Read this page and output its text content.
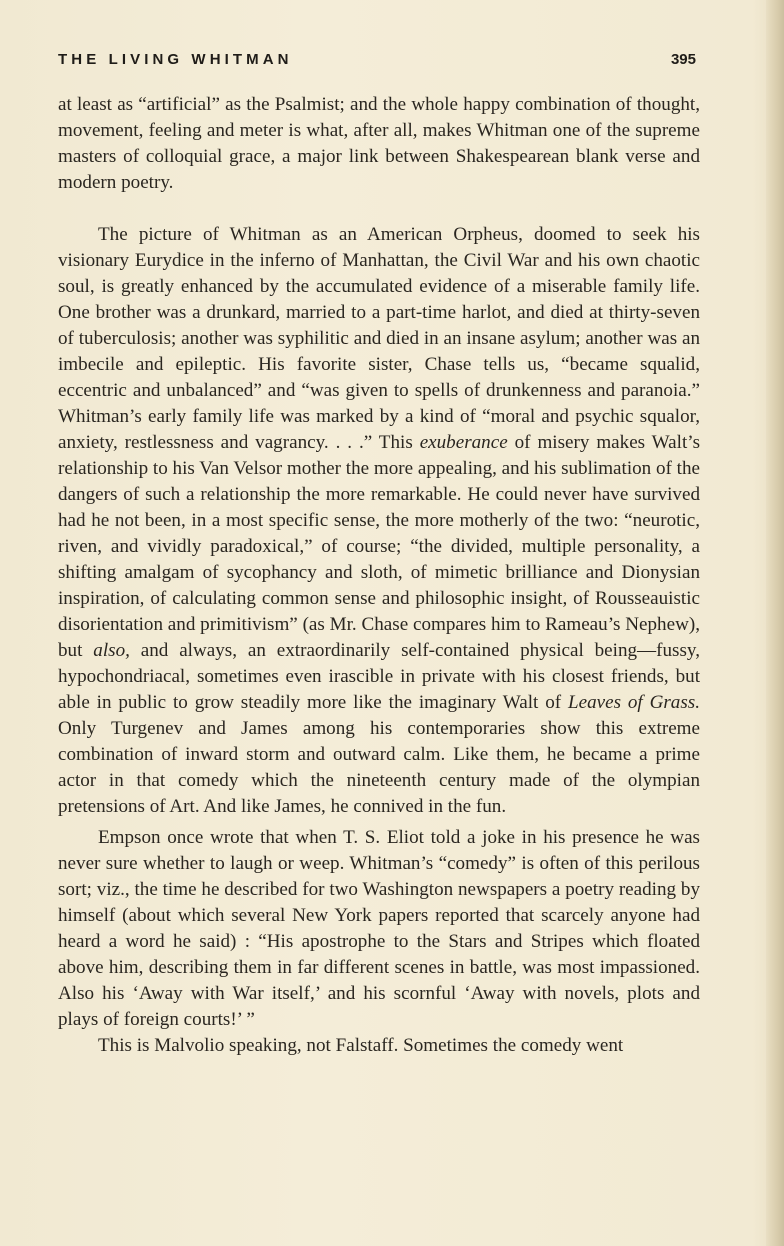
THE LIVING WHITMAN	395

at least as “artificial” as the Psalmist; and the whole happy combination of thought, movement, feeling and meter is what, after all, makes Whitman one of the supreme masters of colloquial grace, a major link between Shakespearean blank verse and modern poetry.

The picture of Whitman as an American Orpheus, doomed to seek his visionary Eurydice in the inferno of Manhattan, the Civil War and his own chaotic soul, is greatly enhanced by the accumulated evidence of a miserable family life. One brother was a drunkard, married to a part-time harlot, and died at thirty-seven of tuberculosis; another was syphilitic and died in an insane asylum; another was an imbecile and epileptic. His favorite sister, Chase tells us, “became squalid, eccentric and unbalanced” and “was given to spells of drunkenness and paranoia.” Whitman’s early family life was marked by a kind of “moral and psychic squalor, anxiety, restlessness and vagrancy. . . .” This exuberance of misery makes Walt’s relationship to his Van Velsor mother the more appealing, and his sublimation of the dangers of such a relationship the more remarkable. He could never have survived had he not been, in a most specific sense, the more motherly of the two: “neurotic, riven, and vividly paradoxical,” of course; “the divided, multiple personality, a shifting amalgam of sycophancy and sloth, of mimetic brilliance and Dionysian inspiration, of calculating common sense and philosophic insight, of Rousseauistic disorientation and primitivism” (as Mr. Chase compares him to Rameau’s Nephew), but also, and always, an extraordinarily self-contained physical being—fussy, hypochondriacal, sometimes even irascible in private with his closest friends, but able in public to grow steadily more like the imaginary Walt of Leaves of Grass. Only Turgenev and James among his contemporaries show this extreme combination of inward storm and outward calm. Like them, he became a prime actor in that comedy which the nineteenth century made of the olympian pretensions of Art. And like James, he connived in the fun.

Empson once wrote that when T. S. Eliot told a joke in his presence he was never sure whether to laugh or weep. Whitman’s “comedy” is often of this perilous sort; viz., the time he described for two Washington newspapers a poetry reading by himself (about which several New York papers reported that scarcely anyone had heard a word he said) : “His apostrophe to the Stars and Stripes which floated above him, describing them in far different scenes in battle, was most impassioned. Also his ‘Away with War itself,’ and his scornful ‘Away with novels, plots and plays of foreign courts!’ ”

This is Malvolio speaking, not Falstaff. Sometimes the comedy went
